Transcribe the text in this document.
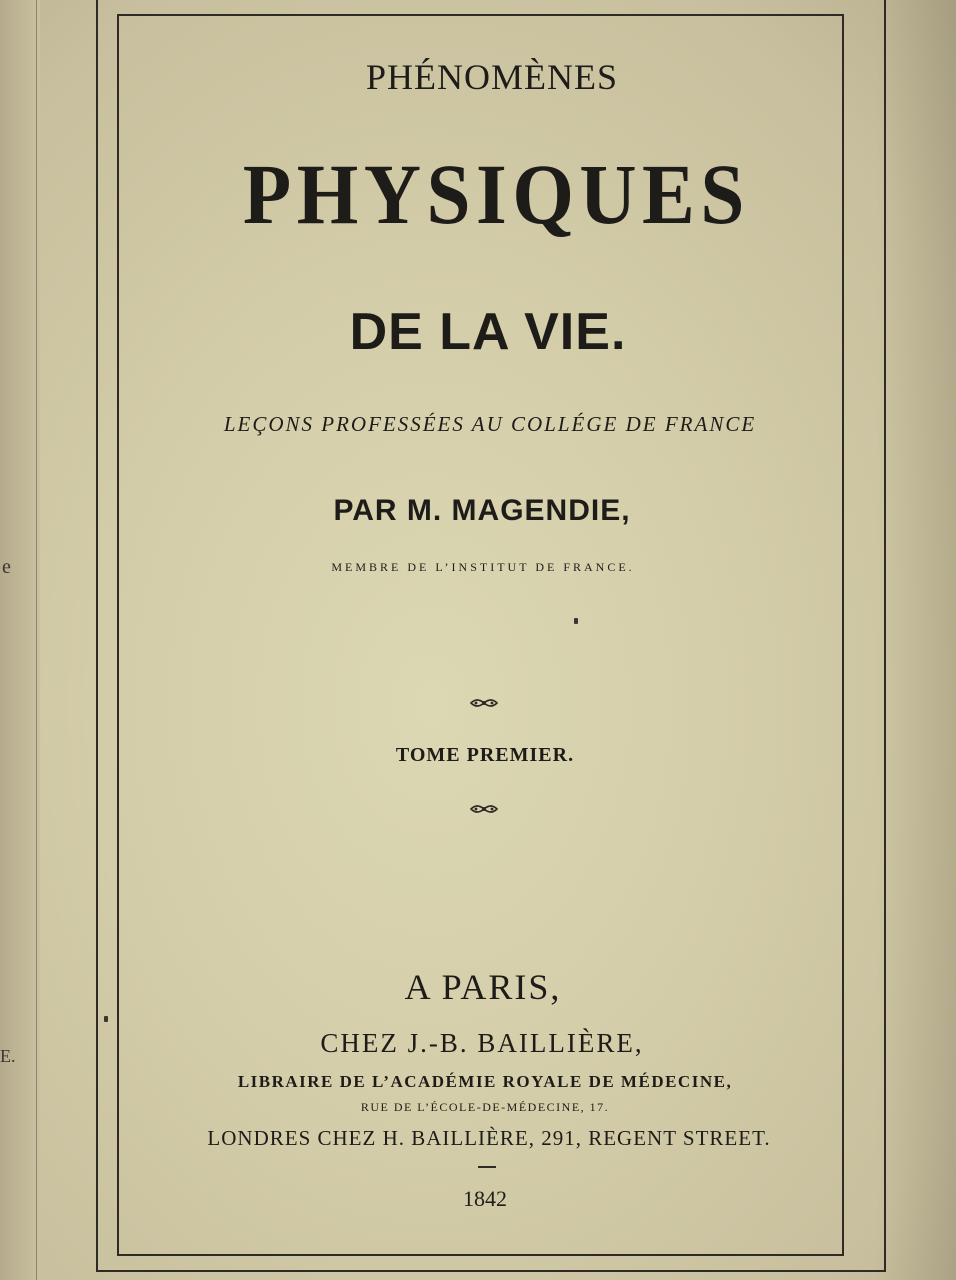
e
E.
PHÉNOMÈNES
PHYSIQUES
DE LA VIE.
LEÇONS PROFESSÉES AU COLLÉGE DE FRANCE
PAR M. MAGENDIE,
MEMBRE DE L’INSTITUT DE FRANCE.
TOME PREMIER.
A PARIS,
CHEZ J.-B. BAILLIÈRE,
LIBRAIRE DE L’ACADÉMIE ROYALE DE MÉDECINE,
RUE DE L’ÉCOLE-DE-MÉDECINE, 17.
LONDRES CHEZ H. BAILLIÈRE, 291, REGENT STREET.
1842
